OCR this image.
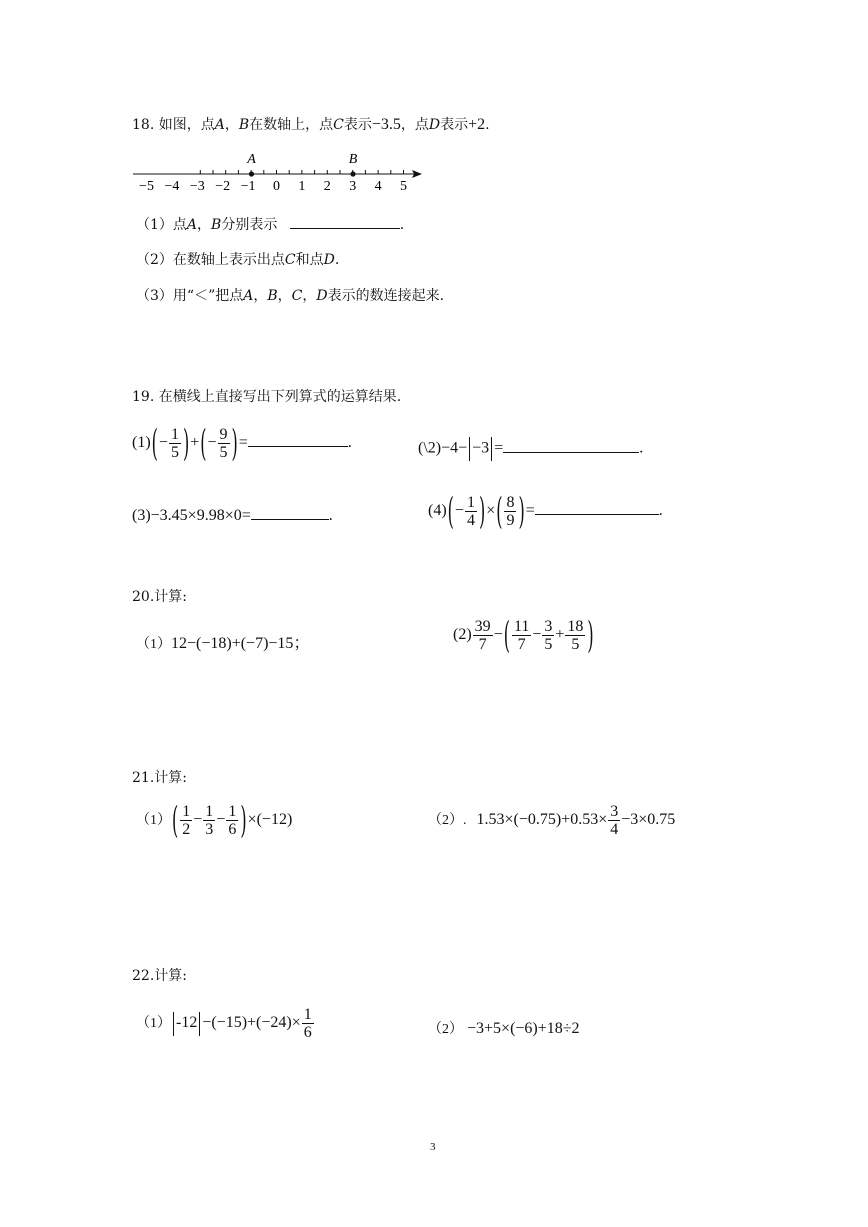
18. 如图，点A，B在数轴上，点C表示−3.5，点D表示+2.
−5 −4 −3 −2 −1 0 1 2 3 4 5
A	B
（1）点A，B分别表示	.
（2）在数轴上表示出点C和点D.
（3）用“＜”把点A，B，C，D表示的数连接起来.
19. 在横线上直接写出下列算式的运算结果.
$(1)(- \frac{1}{5}$ )+(− $\frac{9}{5}$ )=	.	(\2)−4− −3 =	.
(3)−3.45×9.98×0=	.	$(4)(- \frac{1}{4}$ )×( $\frac{8}{9}$ )=	.
20.计算:
（1）12−(−18)+(−7)−15；
$(2) \frac{39}{7}$ −( $\frac{11}{7} - \frac{3}{5} + \frac{18}{5}$ )
21.计算:
$(1)( \frac{1}{2} - \frac{1}{3} - \frac{1}{6} )\times(-12)$	（2）. $1.53\times(-0.75)+0.53\times \frac{3}{4} -3\times 0.75$
22.计算:
（1） $-12 -(-15)+(-24)\times \frac{1}{6}$	（2） −3+5×(−6)+18÷2
3
